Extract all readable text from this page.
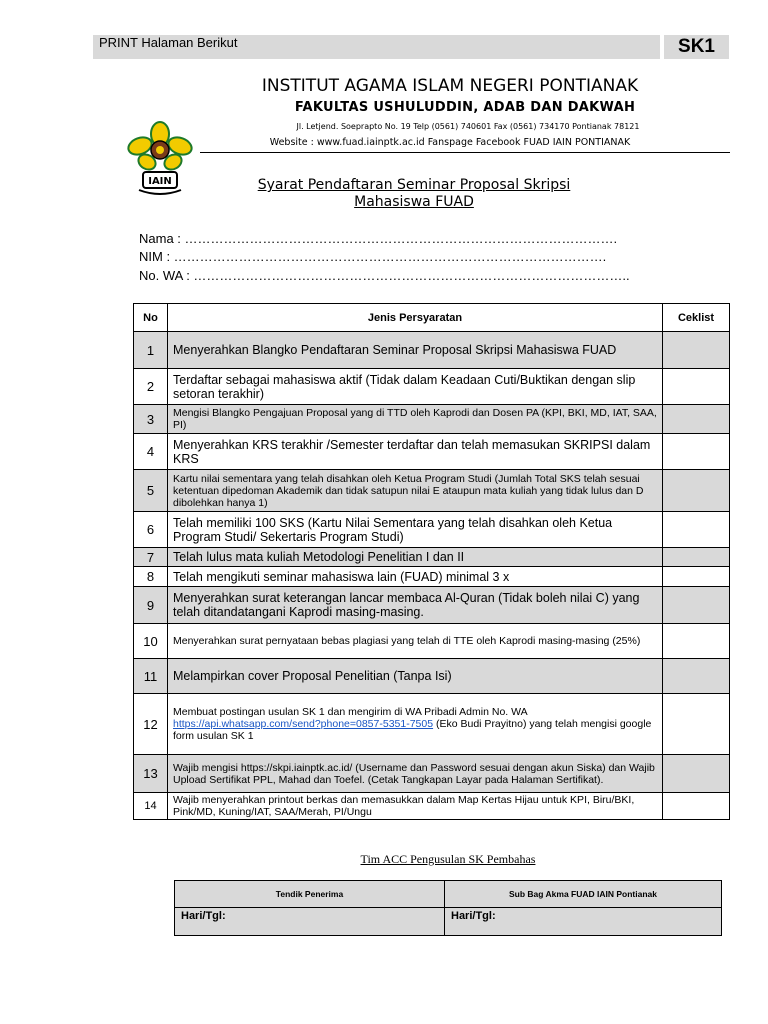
PRINT Halaman Berikut	SK1
IAIN
INSTITUT AGAMA ISLAM NEGERI PONTIANAK
FAKULTAS USHULUDDIN, ADAB DAN DAKWAH
Jl. Letjend. Soeprapto No. 19 Telp (0561) 740601 Fax (0561) 734170 Pontianak 78121
Website : www.fuad.iainptk.ac.id Fanspage Facebook FUAD IAIN PONTIANAK
Syarat Pendaftaran Seminar Proposal Skripsi
Mahasiswa FUAD
Nama : ……………………………………………………………………………………….
NIM : ……………………………………………………………………………………….
No. WA : ………………………………………………………………………………………..
No	Jenis Persyaratan	Ceklist
1	Menyerahkan Blangko Pendaftaran Seminar Proposal Skripsi Mahasiswa FUAD	
2	Terdaftar sebagai mahasiswa aktif (Tidak dalam Keadaan Cuti/Buktikan dengan slip setoran terakhir)	
3	Mengisi Blangko Pengajuan Proposal yang di TTD oleh Kaprodi dan Dosen PA (KPI, BKI, MD, IAT, SAA, PI)	
4	Menyerahkan KRS terakhir /Semester terdaftar dan telah memasukan SKRIPSI dalam KRS	
5	Kartu nilai sementara yang telah disahkan oleh Ketua Program Studi (Jumlah Total SKS telah sesuai ketentuan dipedoman Akademik dan tidak satupun nilai E ataupun mata kuliah yang tidak lulus dan D dibolehkan hanya 1)	
6	Telah memiliki 100 SKS (Kartu Nilai Sementara yang telah disahkan oleh Ketua Program Studi/ Sekertaris Program Studi)	
7	Telah lulus mata kuliah Metodologi Penelitian I dan II	
8	Telah mengikuti seminar mahasiswa lain (FUAD) minimal 3 x	
9	Menyerahkan surat keterangan lancar membaca Al-Quran (Tidak boleh nilai C) yang telah ditandatangani Kaprodi masing-masing.	
10	Menyerahkan surat pernyataan bebas plagiasi yang telah di TTE oleh Kaprodi masing-masing (25%)	
11	Melampirkan cover Proposal Penelitian (Tanpa Isi)	
12	Membuat postingan usulan SK 1 dan mengirim di WA Pribadi Admin No. WA
https://api.whatsapp.com/send?phone=0857-5351-7505 (Eko Budi Prayitno) yang telah mengisi google form usulan SK 1	
13	Wajib mengisi https://skpi.iainptk.ac.id/ (Username dan Password sesuai dengan akun Siska) dan Wajib Upload Sertifikat PPL, Mahad dan Toefel. (Cetak Tangkapan Layar pada Halaman Sertifikat).	
14	Wajib menyerahkan printout berkas dan memasukkan dalam Map Kertas Hijau untuk KPI, Biru/BKI, Pink/MD, Kuning/IAT, SAA/Merah, PI/Ungu	
Tim ACC Pengusulan SK Pembahas
Tendik Penerima	Sub Bag Akma FUAD IAIN Pontianak
Hari/Tgl:	Hari/Tgl:
